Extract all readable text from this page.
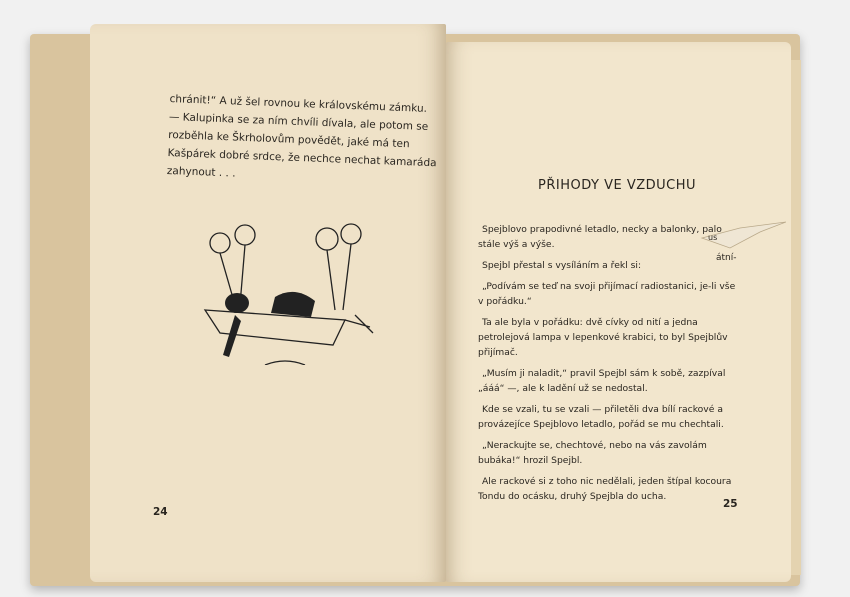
chránit!“ A už šel rovnou ke královskému zámku. — Kalupinka se za ním chvíli dívala, ale potom se rozběhla ke Škrholovům povědět, jaké má ten Kašpárek dobré srdce, že nechce nechat kamaráda zahynout . . .

24
PŘIHODY VE VZDUCHU

Spejblovo prapodivné letadlo, necky a balonky, palo stále výš a výše.

Spejbl přestal s vysíláním a řekl si:

„Podívám se teď na svoji přijímací radiostanici, je-li vše v pořádku.“

Ta ale byla v pořádku: dvě cívky od nití a jedna petrolejová lampa v lepenkové krabici, to byl Spejblův přijímač.

„Musím ji naladit,“ pravil Spejbl sám k sobě, zazpíval „ááá“ —, ale k ladění už se nedostal.

Kde se vzali, tu se vzali — přiletěli dva bílí rackové a provázejíce Spejblovo letadlo, pořád se mu chechtali.

„Nerackujte se, chechtové, nebo na vás zavolám bubáka!“ hrozil Spejbl.

Ale rackové si z toho nic nedělali, jeden štípal kocoura Tondu do ocásku, druhý Spejbla do ucha.

us
átní-
25
